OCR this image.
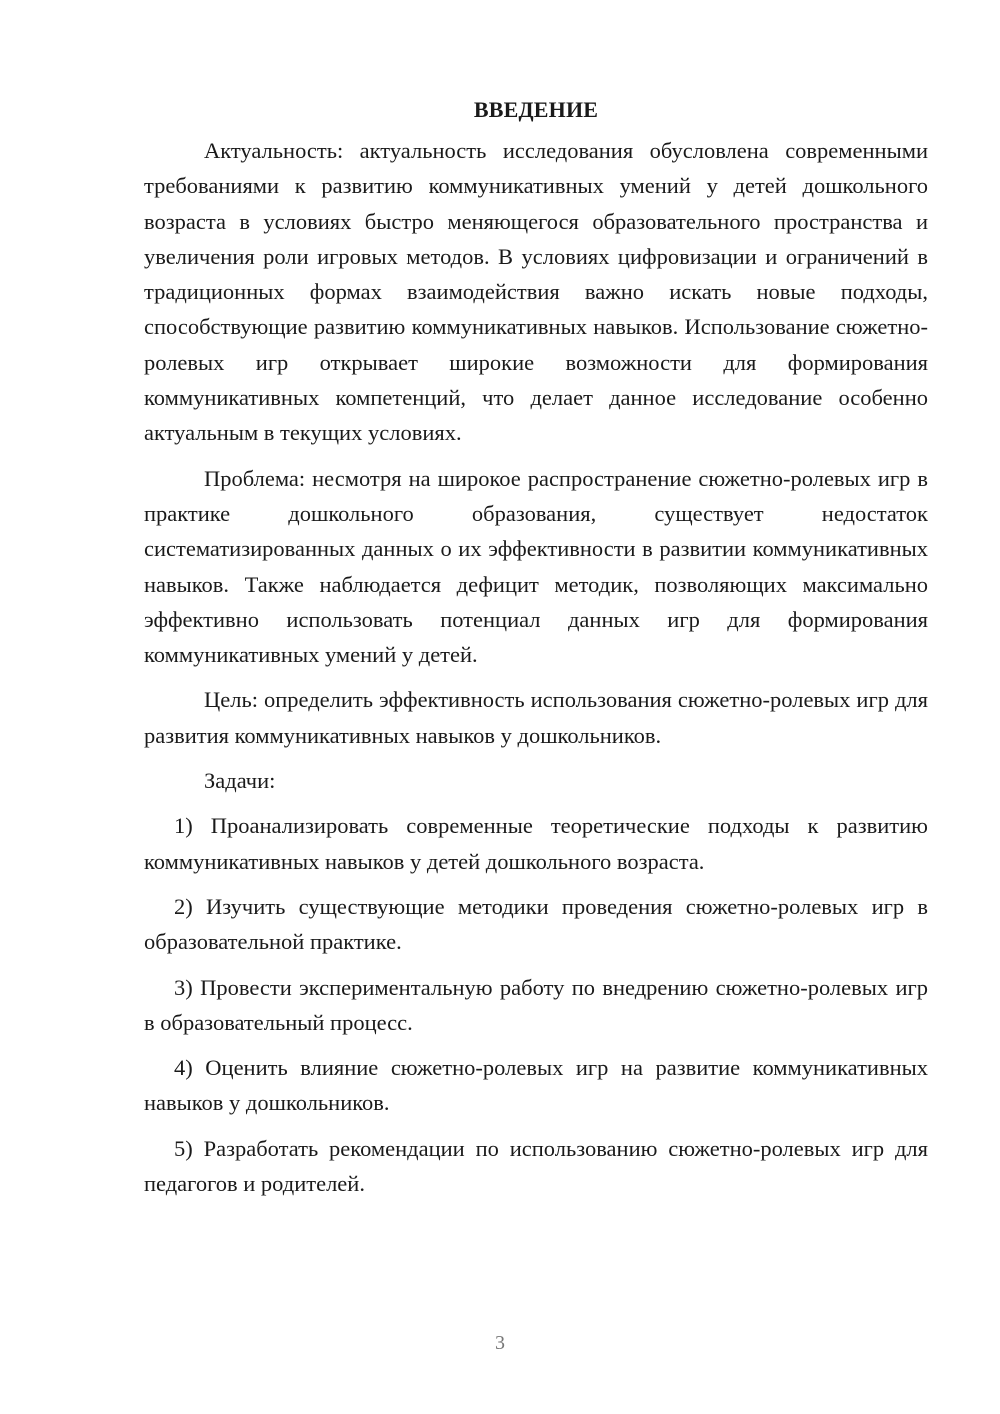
ВВЕДЕНИЕ

Актуальность: актуальность исследования обусловлена современными требованиями к развитию коммуникативных умений у детей дошкольного возраста в условиях быстро меняющегося образовательного пространства и увеличения роли игровых методов. В условиях цифровизации и ограничений в традиционных формах взаимодействия важно искать новые подходы, способствующие развитию коммуникативных навыков. Использование сюжетно-ролевых игр открывает широкие возможности для формирования коммуникативных компетенций, что делает данное исследование особенно актуальным в текущих условиях.

Проблема: несмотря на широкое распространение сюжетно-ролевых игр в практике дошкольного образования, существует недостаток систематизированных данных о их эффективности в развитии коммуникативных навыков. Также наблюдается дефицит методик, позволяющих максимально эффективно использовать потенциал данных игр для формирования коммуникативных умений у детей.

Цель: определить эффективность использования сюжетно-ролевых игр для развития коммуникативных навыков у дошкольников.

Задачи:

1) Проанализировать современные теоретические подходы к развитию коммуникативных навыков у детей дошкольного возраста.

2) Изучить существующие методики проведения сюжетно-ролевых игр в образовательной практике.

3) Провести экспериментальную работу по внедрению сюжетно-ролевых игр в образовательный процесс.

4) Оценить влияние сюжетно-ролевых игр на развитие коммуникативных навыков у дошкольников.

5) Разработать рекомендации по использованию сюжетно-ролевых игр для педагогов и родителей.

3
